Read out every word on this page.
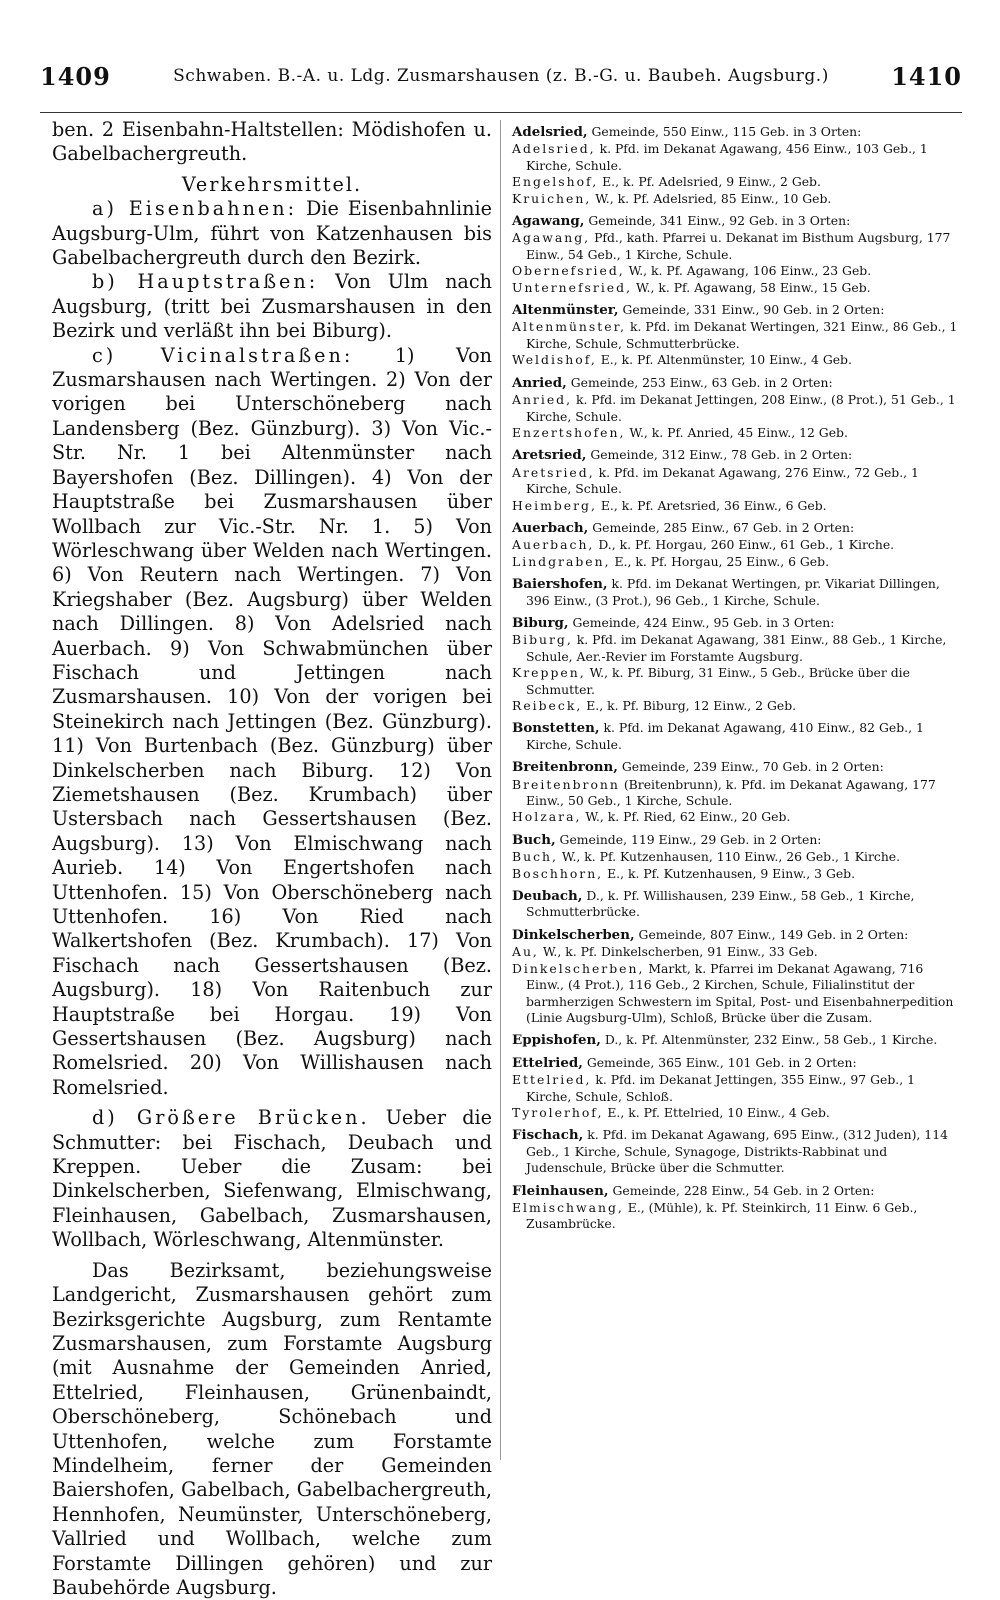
1409	Schwaben. B.-A. u. Ldg. Zusmarshausen (z. B.-G. u. Baubeh. Augsburg.)	1410

ben. 2 Eisenbahn-Haltstellen: Mödishofen u. Gabelbachergreuth.

Verkehrsmittel.

a) Eisenbahnen: Die Eisenbahnlinie Augsburg-Ulm, führt von Katzenhausen bis Gabelbachergreuth durch den Bezirk.

b) Hauptstraßen: Von Ulm nach Augsburg, (tritt bei Zusmarshausen in den Bezirk und verläßt ihn bei Biburg).

c) Vicinalstraßen: 1) Von Zusmarshausen nach Wertingen. 2) Von der vorigen bei Unterschöneberg nach Landensberg (Bez. Günzburg). 3) Von Vic.-Str. Nr. 1 bei Altenmünster nach Bayershofen (Bez. Dillingen). 4) Von der Hauptstraße bei Zusmarshausen über Wollbach zur Vic.-Str. Nr. 1. 5) Von Wörleschwang über Welden nach Wertingen. 6) Von Reutern nach Wertingen. 7) Von Kriegshaber (Bez. Augsburg) über Welden nach Dillingen. 8) Von Adelsried nach Auerbach. 9) Von Schwabmünchen über Fischach und Jettingen nach Zusmarshausen. 10) Von der vorigen bei Steinekirch nach Jettingen (Bez. Günzburg). 11) Von Burtenbach (Bez. Günzburg) über Dinkelscherben nach Biburg. 12) Von Ziemetshausen (Bez. Krumbach) über Ustersbach nach Gessertshausen (Bez. Augsburg). 13) Von Elmischwang nach Aurieb. 14) Von Engertshofen nach Uttenhofen. 15) Von Oberschöneberg nach Uttenhofen. 16) Von Ried nach Walkertshofen (Bez. Krumbach). 17) Von Fischach nach Gessertshausen (Bez. Augsburg). 18) Von Raitenbuch zur Hauptstraße bei Horgau. 19) Von Gessertshausen (Bez. Augsburg) nach Romelsried. 20) Von Willishausen nach Romelsried.

d) Größere Brücken. Ueber die Schmutter: bei Fischach, Deubach und Kreppen. Ueber die Zusam: bei Dinkelscherben, Siefenwang, Elmischwang, Fleinhausen, Gabelbach, Zusmarshausen, Wollbach, Wörleschwang, Altenmünster.

Das Bezirksamt, beziehungsweise Landgericht, Zusmarshausen gehört zum Bezirksgerichte Augsburg, zum Rentamte Zusmarshausen, zum Forstamte Augsburg (mit Ausnahme der Gemeinden Anried, Ettelried, Fleinhausen, Grünenbaindt, Oberschöneberg, Schönebach und Uttenhofen, welche zum Forstamte Mindelheim, ferner der Gemeinden Baiershofen, Gabelbach, Gabelbachergreuth, Hennhofen, Neumünster, Unterschöneberg, Vallried und Wollbach, welche zum Forstamte Dillingen gehören) und zur Baubehörde Augsburg.

Adelsried, Gemeinde, 550 Einw., 115 Geb. in 3 Orten:
Adelsried, k. Pfd. im Dekanat Agawang, 456 Einw., 103 Geb., 1 Kirche, Schule.
Engelshof, E., k. Pf. Adelsried, 9 Einw., 2 Geb.
Kruichen, W., k. Pf. Adelsried, 85 Einw., 10 Geb.
Agawang, Gemeinde, 341 Einw., 92 Geb. in 3 Orten:
Agawang, Pfd., kath. Pfarrei u. Dekanat im Bisthum Augsburg, 177 Einw., 54 Geb., 1 Kirche, Schule.
Obernefsried, W., k. Pf. Agawang, 106 Einw., 23 Geb.
Unternefsried, W., k. Pf. Agawang, 58 Einw., 15 Geb.
Altenmünster, Gemeinde, 331 Einw., 90 Geb. in 2 Orten:
Altenmünster, k. Pfd. im Dekanat Wertingen, 321 Einw., 86 Geb., 1 Kirche, Schule, Schmutterbrücke.
Weldishof, E., k. Pf. Altenmünster, 10 Einw., 4 Geb.
Anried, Gemeinde, 253 Einw., 63 Geb. in 2 Orten:
Anried, k. Pfd. im Dekanat Jettingen, 208 Einw., (8 Prot.), 51 Geb., 1 Kirche, Schule.
Enzertshofen, W., k. Pf. Anried, 45 Einw., 12 Geb.
Aretsried, Gemeinde, 312 Einw., 78 Geb. in 2 Orten:
Aretsried, k. Pfd. im Dekanat Agawang, 276 Einw., 72 Geb., 1 Kirche, Schule.
Heimberg, E., k. Pf. Aretsried, 36 Einw., 6 Geb.
Auerbach, Gemeinde, 285 Einw., 67 Geb. in 2 Orten:
Auerbach, D., k. Pf. Horgau, 260 Einw., 61 Geb., 1 Kirche.
Lindgraben, E., k. Pf. Horgau, 25 Einw., 6 Geb.
Baiershofen, k. Pfd. im Dekanat Wertingen, pr. Vikariat Dillingen, 396 Einw., (3 Prot.), 96 Geb., 1 Kirche, Schule.
Biburg, Gemeinde, 424 Einw., 95 Geb. in 3 Orten:
Biburg, k. Pfd. im Dekanat Agawang, 381 Einw., 88 Geb., 1 Kirche, Schule, Aer.-Revier im Forstamte Augsburg.
Kreppen, W., k. Pf. Biburg, 31 Einw., 5 Geb., Brücke über die Schmutter.
Reibeck, E., k. Pf. Biburg, 12 Einw., 2 Geb.
Bonstetten, k. Pfd. im Dekanat Agawang, 410 Einw., 82 Geb., 1 Kirche, Schule.
Breitenbronn, Gemeinde, 239 Einw., 70 Geb. in 2 Orten:
Breitenbronn (Breitenbrunn), k. Pfd. im Dekanat Agawang, 177 Einw., 50 Geb., 1 Kirche, Schule.
Holzara, W., k. Pf. Ried, 62 Einw., 20 Geb.
Buch, Gemeinde, 119 Einw., 29 Geb. in 2 Orten:
Buch, W., k. Pf. Kutzenhausen, 110 Einw., 26 Geb., 1 Kirche.
Boschhorn, E., k. Pf. Kutzenhausen, 9 Einw., 3 Geb.
Deubach, D., k. Pf. Willishausen, 239 Einw., 58 Geb., 1 Kirche, Schmutterbrücke.
Dinkelscherben, Gemeinde, 807 Einw., 149 Geb. in 2 Orten:
Au, W., k. Pf. Dinkelscherben, 91 Einw., 33 Geb.
Dinkelscherben, Markt, k. Pfarrei im Dekanat Agawang, 716 Einw., (4 Prot.), 116 Geb., 2 Kirchen, Schule, Filialinstitut der barmherzigen Schwestern im Spital, Post- und Eisenbahnerpedition (Linie Augsburg-Ulm), Schloß, Brücke über die Zusam.
Eppishofen, D., k. Pf. Altenmünster, 232 Einw., 58 Geb., 1 Kirche.
Ettelried, Gemeinde, 365 Einw., 101 Geb. in 2 Orten:
Ettelried, k. Pfd. im Dekanat Jettingen, 355 Einw., 97 Geb., 1 Kirche, Schule, Schloß.
Tyrolerhof, E., k. Pf. Ettelried, 10 Einw., 4 Geb.
Fischach, k. Pfd. im Dekanat Agawang, 695 Einw., (312 Juden), 114 Geb., 1 Kirche, Schule, Synagoge, Distrikts-Rabbinat und Judenschule, Brücke über die Schmutter.
Fleinhausen, Gemeinde, 228 Einw., 54 Geb. in 2 Orten:
Elmischwang, E., (Mühle), k. Pf. Steinkirch, 11 Einw. 6 Geb., Zusambrücke.
